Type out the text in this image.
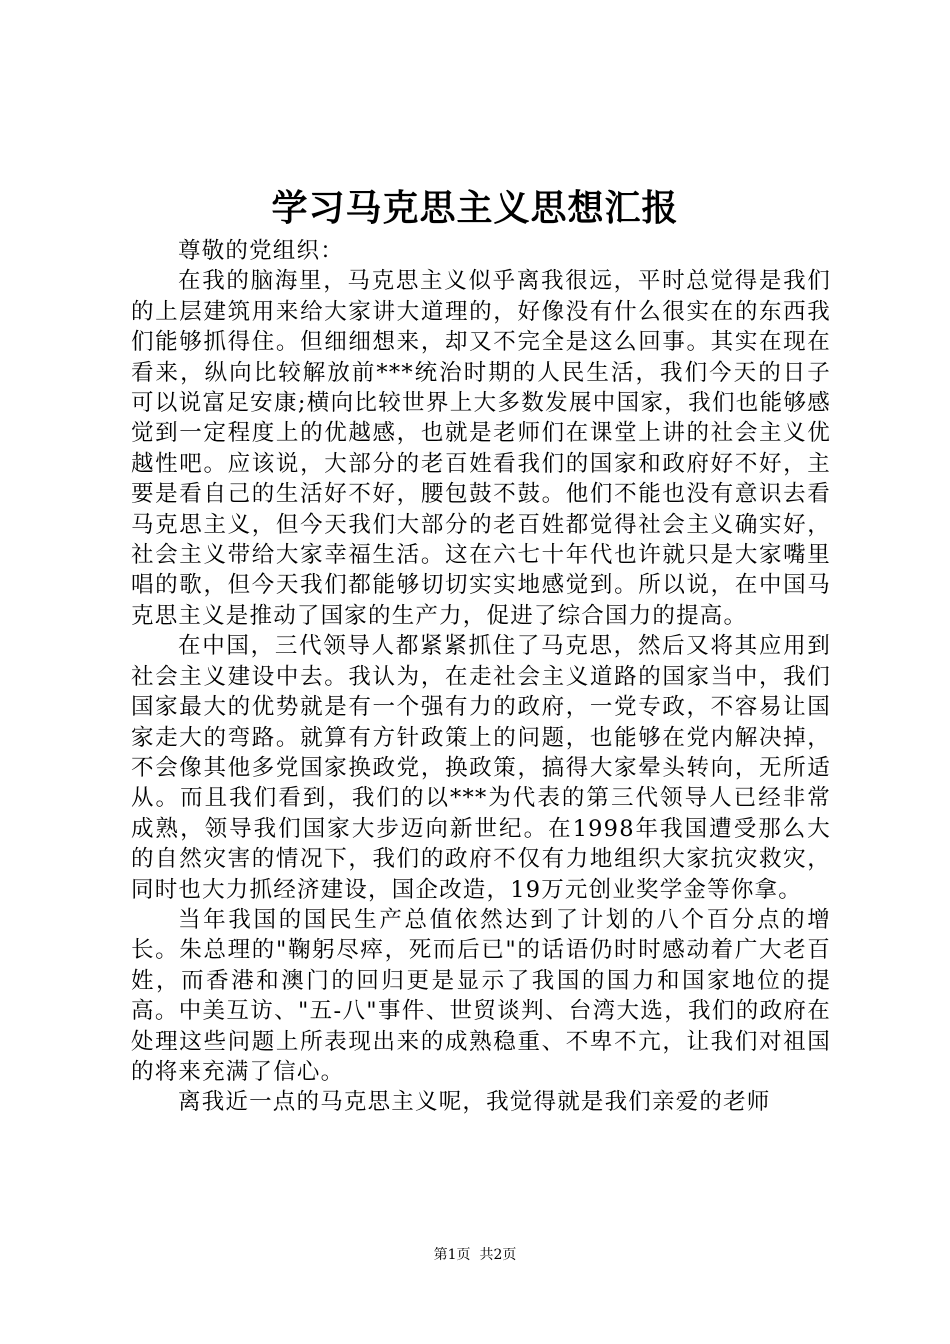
学习马克思主义思想汇报

尊敬的党组织：

在我的脑海里，马克思主义似乎离我很远，平时总觉得是我们的上层建筑用来给大家讲大道理的，好像没有什么很实在的东西我们能够抓得住。但细细想来，却又不完全是这么回事。其实在现在看来，纵向比较解放前***统治时期的人民生活，我们今天的日子可以说富足安康;横向比较世界上大多数发展中国家，我们也能够感觉到一定程度上的优越感，也就是老师们在课堂上讲的社会主义优越性吧。应该说，大部分的老百姓看我们的国家和政府好不好，主要是看自己的生活好不好，腰包鼓不鼓。他们不能也没有意识去看马克思主义，但今天我们大部分的老百姓都觉得社会主义确实好，社会主义带给大家幸福生活。这在六七十年代也许就只是大家嘴里唱的歌，但今天我们都能够切切实实地感觉到。所以说，在中国马克思主义是推动了国家的生产力，促进了综合国力的提高。

在中国，三代领导人都紧紧抓住了马克思，然后又将其应用到社会主义建设中去。我认为，在走社会主义道路的国家当中，我们国家最大的优势就是有一个强有力的政府，一党专政，不容易让国家走大的弯路。就算有方针政策上的问题，也能够在党内解决掉，不会像其他多党国家换政党，换政策，搞得大家晕头转向，无所适从。而且我们看到，我们的以***为代表的第三代领导人已经非常成熟，领导我们国家大步迈向新世纪。在1998年我国遭受那么大的自然灾害的情况下，我们的政府不仅有力地组织大家抗灾救灾，同时也大力抓经济建设，国企改造，19万元创业奖学金等你拿。

当年我国的国民生产总值依然达到了计划的八个百分点的增长。朱总理的"鞠躬尽瘁，死而后已"的话语仍时时感动着广大老百姓，而香港和澳门的回归更是显示了我国的国力和国家地位的提高。中美互访、"五-八"事件、世贸谈判、台湾大选，我们的政府在处理这些问题上所表现出来的成熟稳重、不卑不亢，让我们对祖国的将来充满了信心。

离我近一点的马克思主义呢，我觉得就是我们亲爱的老师

第1页  共2页
